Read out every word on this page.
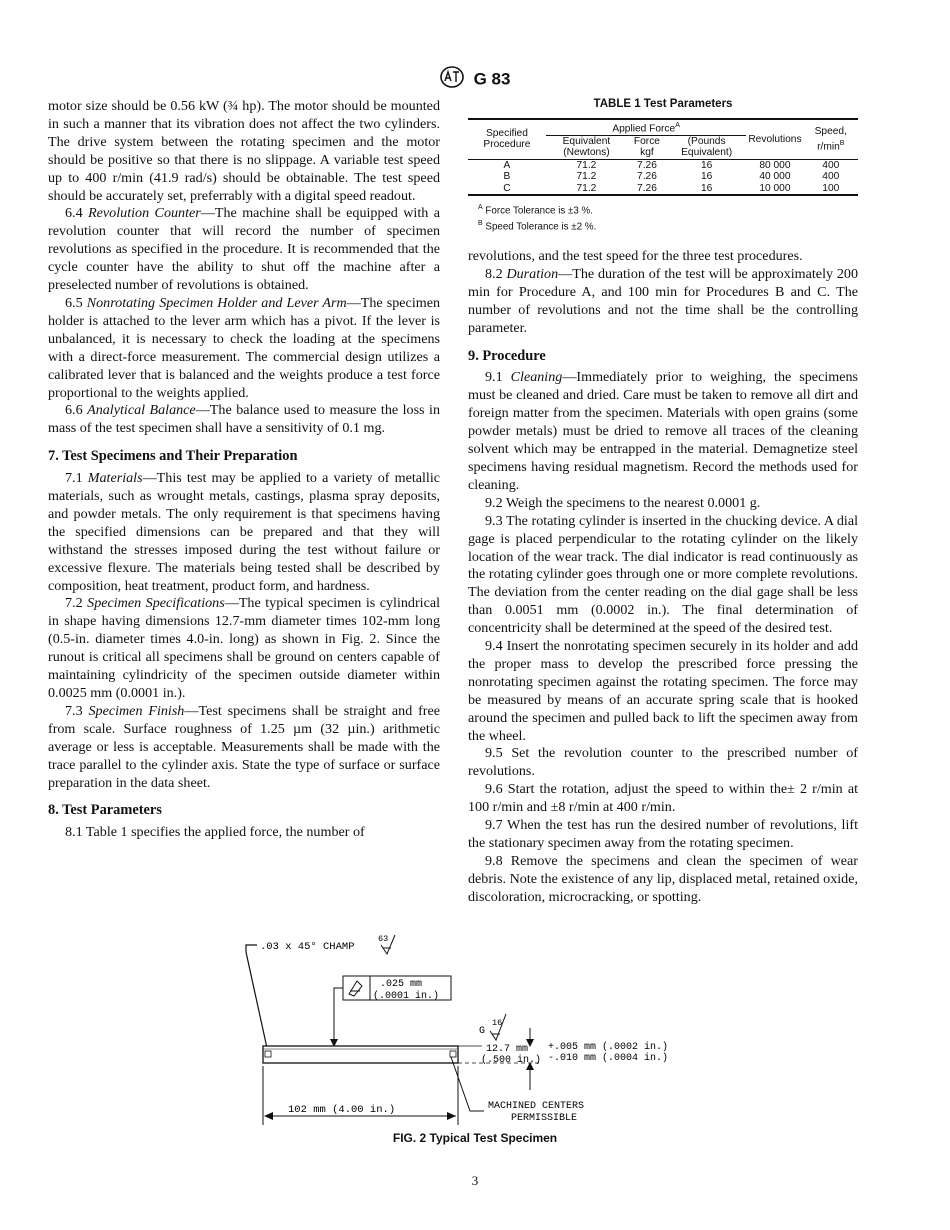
G 83

motor size should be 0.56 kW (¾ hp). The motor should be mounted in such a manner that its vibration does not affect the two cylinders. The drive system between the rotating specimen and the motor should be positive so that there is no slippage. A variable test speed up to 400 r/min (41.9 rad/s) should be obtainable. The test speed should be accurately set, preferrably with a digital speed readout.

6.4 Revolution Counter—The machine shall be equipped with a revolution counter that will record the number of specimen revolutions as specified in the procedure. It is recommended that the cycle counter have the ability to shut off the machine after a preselected number of revolutions is obtained.

6.5 Nonrotating Specimen Holder and Lever Arm—The specimen holder is attached to the lever arm which has a pivot. If the lever is unbalanced, it is necessary to check the loading at the specimens with a direct-force measurement. The commercial design utilizes a calibrated lever that is balanced and the weights produce a test force proportional to the weights applied.

6.6 Analytical Balance—The balance used to measure the loss in mass of the test specimen shall have a sensitivity of 0.1 mg.

7. Test Specimens and Their Preparation

7.1 Materials—This test may be applied to a variety of metallic materials, such as wrought metals, castings, plasma spray deposits, and powder metals. The only requirement is that specimens having the specified dimensions can be prepared and that they will withstand the stresses imposed during the test without failure or excessive flexure. The materials being tested shall be described by composition, heat treatment, product form, and hardness.

7.2 Specimen Specifications—The typical specimen is cylindrical in shape having dimensions 12.7-mm diameter times 102-mm long (0.5-in. diameter times 4.0-in. long) as shown in Fig. 2. Since the runout is critical all specimens shall be ground on centers capable of maintaining cylindricity of the specimen outside diameter within 0.0025 mm (0.0001 in.).

7.3 Specimen Finish—Test specimens shall be straight and free from scale. Surface roughness of 1.25 µm (32 µin.) arithmetic average or less is acceptable. Measurements shall be made with the trace parallel to the cylinder axis. State the type of surface or surface preparation in the data sheet.

8. Test Parameters

8.1 Table 1 specifies the applied force, the number of

TABLE 1 Test Parameters
Specified Procedure	Applied Force$^A$			Revolutions	Speed, $r/\min^B$
	Equivalent (Newtons)	Force kgf	(Pounds Equivalent)		
A	71.2	7.26	16	80 000	400
B	71.2	7.26	16	40 000	400
C	71.2	7.26	16	10 000	100
$^A$ Force Tolerance is ±3 %.
$^B$ Speed Tolerance is ±2 %.

revolutions, and the test speed for the three test procedures.

8.2 Duration—The duration of the test will be approximately 200 min for Procedure A, and 100 min for Procedures B and C. The number of revolutions and not the time shall be the controlling parameter.

9. Procedure

9.1 Cleaning—Immediately prior to weighing, the specimens must be cleaned and dried. Care must be taken to remove all dirt and foreign matter from the specimen. Materials with open grains (some powder metals) must be dried to remove all traces of the cleaning solvent which may be entrapped in the material. Demagnetize steel specimens having residual magnetism. Record the methods used for cleaning.

9.2 Weigh the specimens to the nearest 0.0001 g.

9.3 The rotating cylinder is inserted in the chucking device. A dial gage is placed perpendicular to the rotating cylinder on the likely location of the wear track. The dial indicator is read continuously as the rotating cylinder goes through one or more complete revolutions. The deviation from the center reading on the dial gage shall be less than 0.0051 mm (0.0002 in.). The final determination of concentricity shall be determined at the speed of the desired test.

9.4 Insert the nonrotating specimen securely in its holder and add the proper mass to develop the prescribed force pressing the nonrotating specimen against the rotating specimen. The force may be measured by means of an accurate spring scale that is hooked around the specimen and pulled back to lift the specimen away from the wheel.

9.5 Set the revolution counter to the prescribed number of revolutions.

9.6 Start the rotation, adjust the speed to within the± 2 r/min at 100 r/min and ±8 r/min at 400 r/min.

9.7 When the test has run the desired number of revolutions, lift the stationary specimen away from the rotating specimen.

9.8 Remove the specimens and clean the specimen of wear debris. Note the existence of any lip, displaced metal, retained oxide, discoloration, microcracking, or spotting.

.03 x 45° CHAMP
63
.025 mm
(.0001 in.)
G
16
12.7 mm
(.500 in.)
+.005 mm (.0002 in.)
-.010 mm (.0004 in.)
102 mm (4.00 in.)	MACHINED CENTERS
PERMISSIBLE
FIG. 2 Typical Test Specimen
3
